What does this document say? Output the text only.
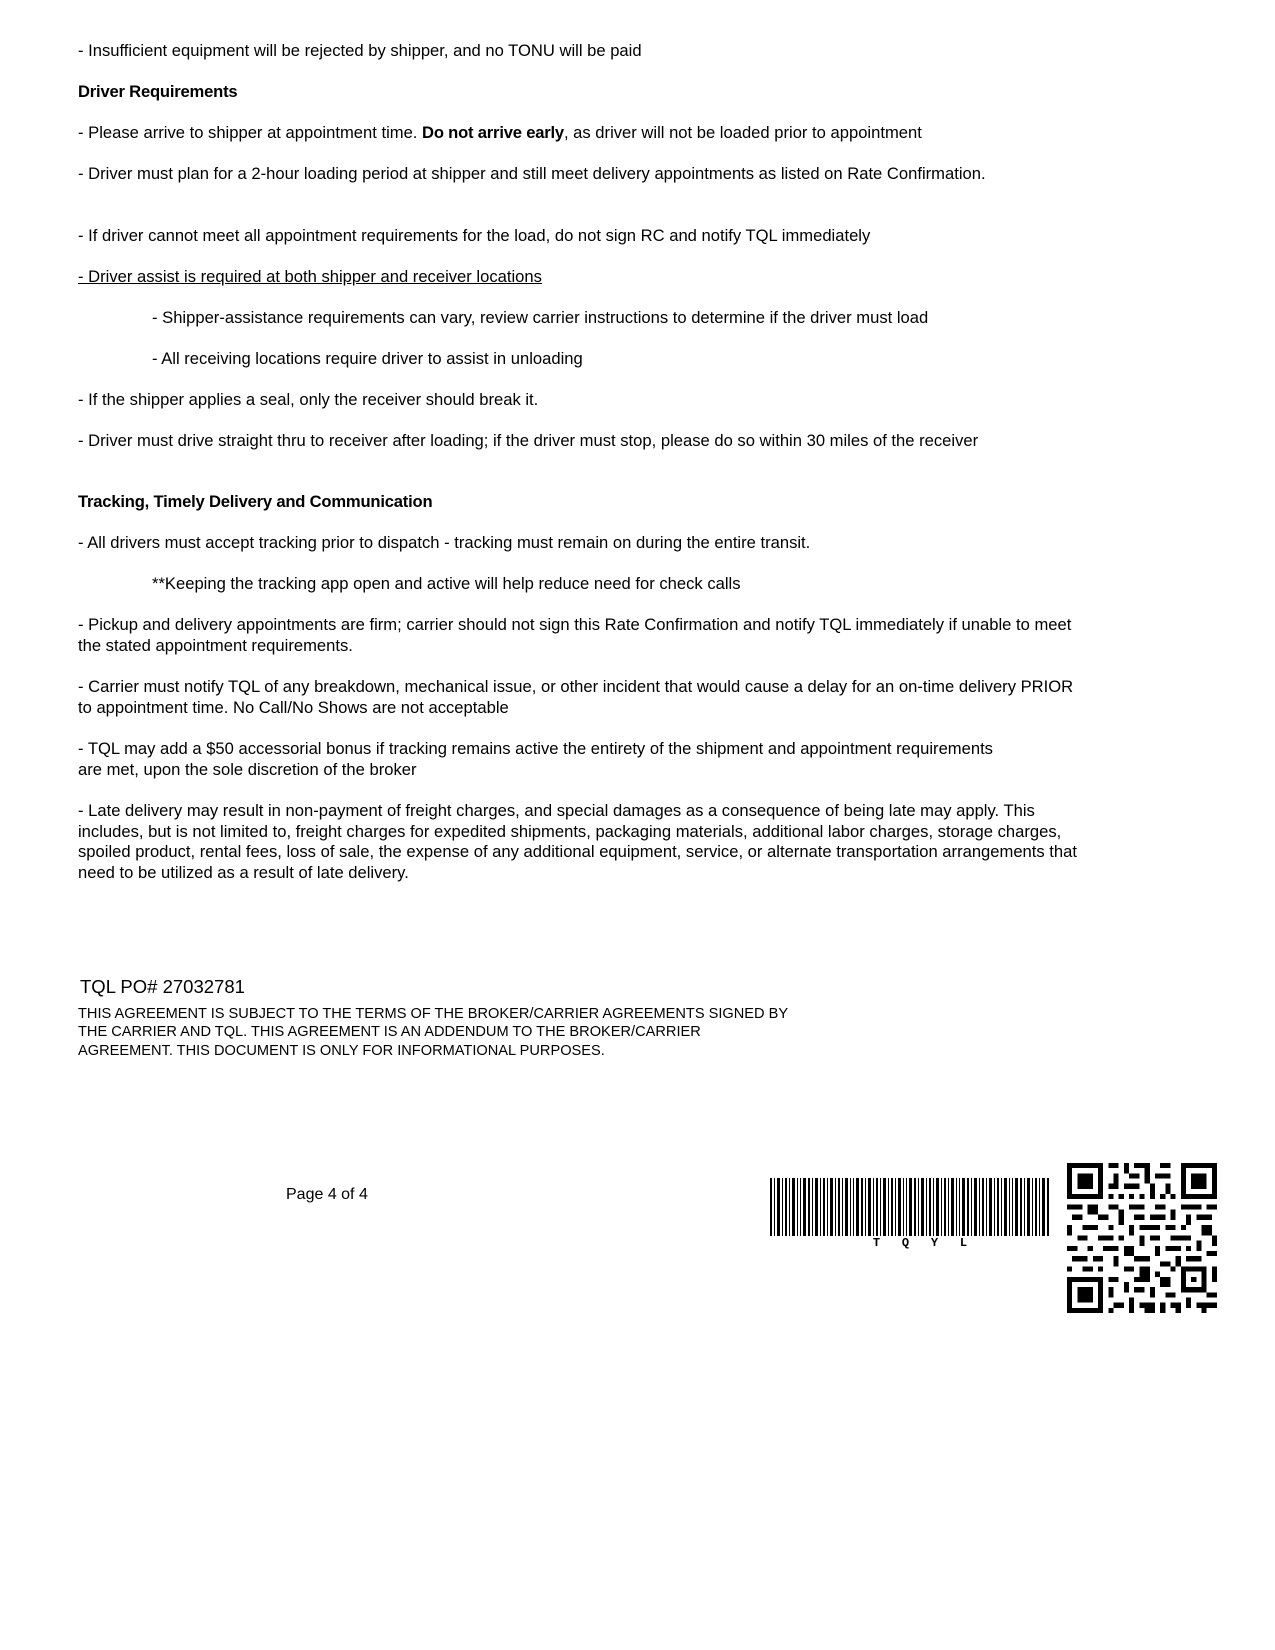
- Insufficient equipment will be rejected by shipper, and no TONU will be paid
Driver Requirements
- Please arrive to shipper at appointment time. Do not arrive early, as driver will not be loaded prior to appointment
- Driver must plan for a 2-hour loading period at shipper and still meet delivery appointments as listed on Rate Confirmation.
- If driver cannot meet all appointment requirements for the load, do not sign RC and notify TQL immediately
- Driver assist is required at both shipper and receiver locations
- Shipper-assistance requirements can vary, review carrier instructions to determine if the driver must load
- All receiving locations require driver to assist in unloading
- If the shipper applies a seal, only the receiver should break it.
- Driver must drive straight thru to receiver after loading; if the driver must stop, please do so within 30 miles of the receiver
Tracking, Timely Delivery and Communication
- All drivers must accept tracking prior to dispatch - tracking must remain on during the entire transit.
**Keeping the tracking app open and active will help reduce need for check calls
- Pickup and delivery appointments are firm; carrier should not sign this Rate Confirmation and notify TQL immediately if unable to meet the stated appointment requirements.
- Carrier must notify TQL of any breakdown, mechanical issue, or other incident that would cause a delay for an on-time delivery PRIOR to appointment time. No Call/No Shows are not acceptable
- TQL may add a $50 accessorial bonus if tracking remains active the entirety of the shipment and appointment requirements are met, upon the sole discretion of the broker
- Late delivery may result in non-payment of freight charges, and special damages as a consequence of being late may apply. This includes, but is not limited to, freight charges for expedited shipments, packaging materials, additional labor charges, storage charges, spoiled product, rental fees, loss of sale, the expense of any additional equipment, service, or alternate transportation arrangements that need to be utilized as a result of late delivery.
TQL PO# 27032781
THIS AGREEMENT IS SUBJECT TO THE TERMS OF THE BROKER/CARRIER AGREEMENTS SIGNED BY THE CARRIER AND TQL. THIS AGREEMENT IS AN ADDENDUM TO THE BROKER/CARRIER AGREEMENT. THIS DOCUMENT IS ONLY FOR INFORMATIONAL PURPOSES.
Page 4 of 4
T Q Y L
